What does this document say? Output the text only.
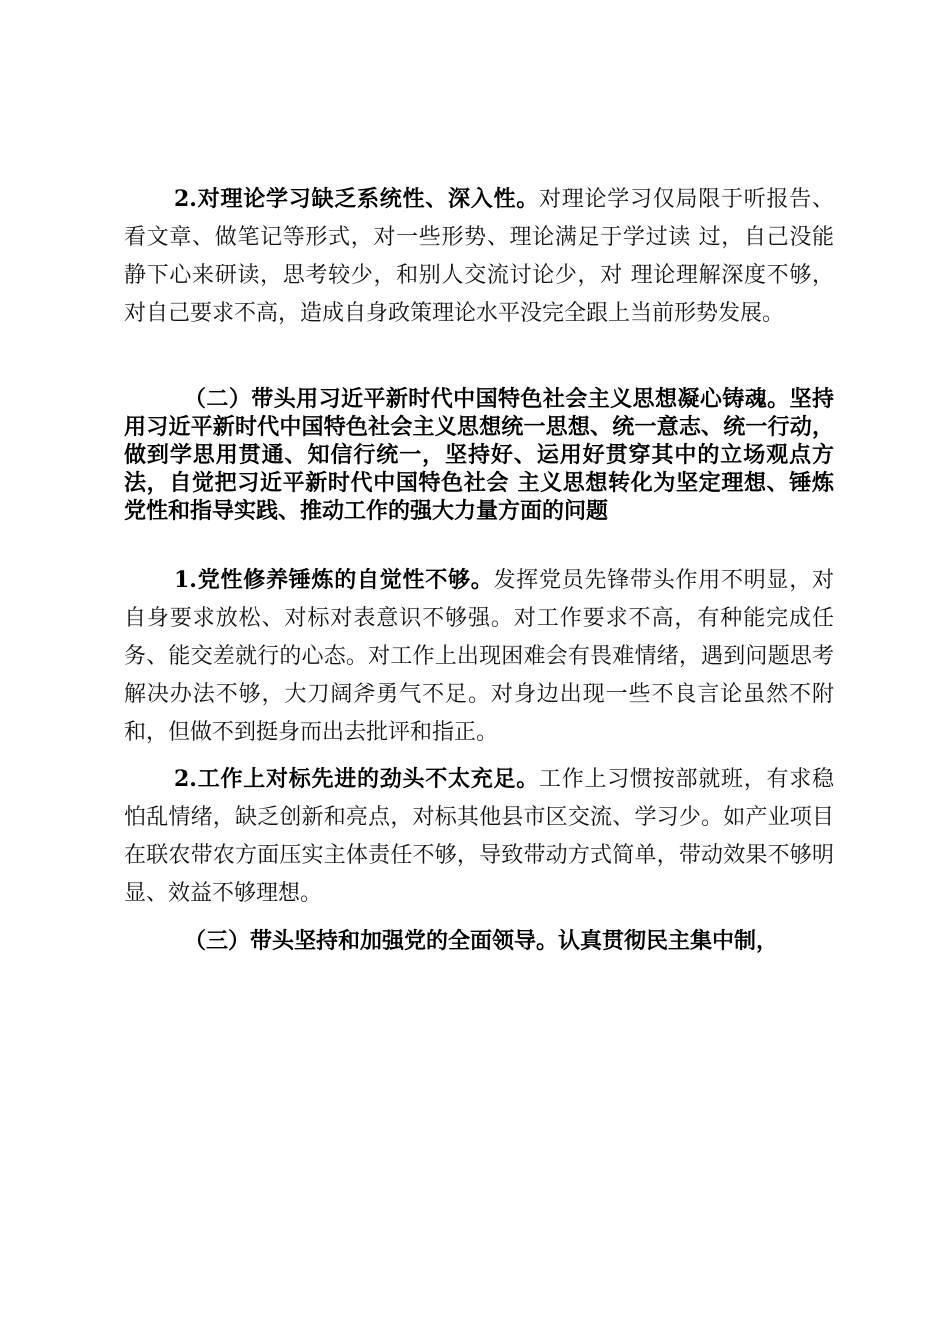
2.对理论学习缺乏系统性、深入性。对理论学习仅局限于听报告、看文章、做笔记等形式，对一些形势、理论满足于学过读 过，自己没能静下心来研读，思考较少，和别人交流讨论少，对 理论理解深度不够，对自己要求不高，造成自身政策理论水平没完全跟上当前形势发展。

（二）带头用习近平新时代中国特色社会主义思想凝心铸魂。坚持用习近平新时代中国特色社会主义思想统一思想、统一意志、统一行动，做到学思用贯通、知信行统一，坚持好、运用好贯穿其中的立场观点方法，自觉把习近平新时代中国特色社会 主义思想转化为坚定理想、锤炼党性和指导实践、推动工作的强大力量方面的问题

1.党性修养锤炼的自觉性不够。发挥党员先锋带头作用不明显，对自身要求放松、对标对表意识不够强。对工作要求不高，有种能完成任务、能交差就行的心态。对工作上出现困难会有畏难情绪，遇到问题思考解决办法不够，大刀阔斧勇气不足。对身边出现一些不良言论虽然不附和，但做不到挺身而出去批评和指正。

2.工作上对标先进的劲头不太充足。工作上习惯按部就班，有求稳怕乱情绪，缺乏创新和亮点，对标其他县市区交流、学习少。如产业项目在联农带农方面压实主体责任不够，导致带动方式简单，带动效果不够明显、效益不够理想。

（三）带头坚持和加强党的全面领导。认真贯彻民主集中制，
